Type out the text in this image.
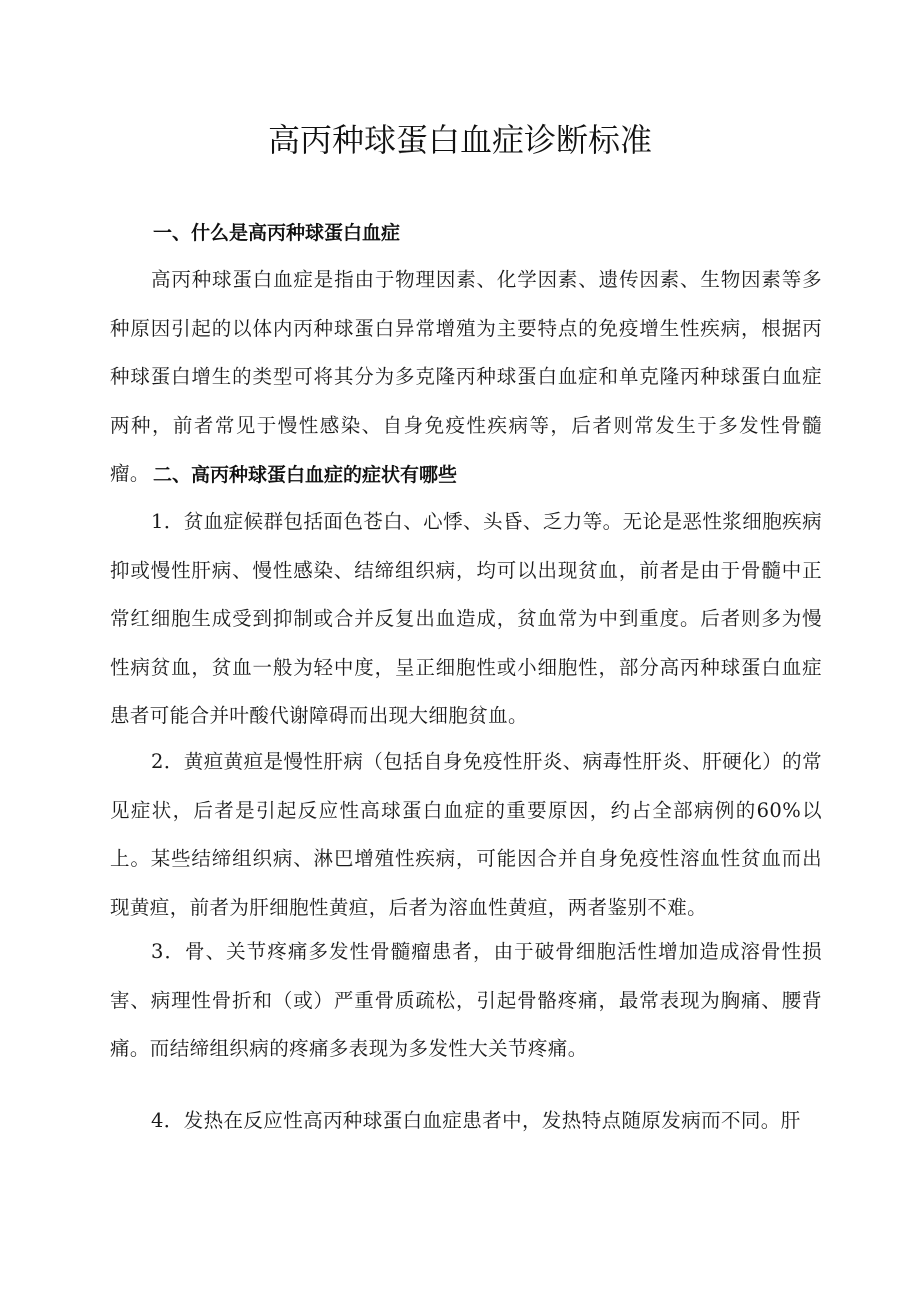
高丙种球蛋白血症诊断标准
一、什么是高丙种球蛋白血症

高丙种球蛋白血症是指由于物理因素、化学因素、遗传因素、生物因素等多种原因引起的以体内丙种球蛋白异常增殖为主要特点的免疫增生性疾病，根据丙种球蛋白增生的类型可将其分为多克隆丙种球蛋白血症和单克隆丙种球蛋白血症两种，前者常见于慢性感染、自身免疫性疾病等，后者则常发生于多发性骨髓瘤。 二、高丙种球蛋白血症的症状有哪些

1．贫血症候群包括面色苍白、心悸、头昏、乏力等。无论是恶性浆细胞疾病抑或慢性肝病、慢性感染、结缔组织病，均可以出现贫血，前者是由于骨髓中正常红细胞生成受到抑制或合并反复出血造成，贫血常为中到重度。后者则多为慢性病贫血，贫血一般为轻中度，呈正细胞性或小细胞性，部分高丙种球蛋白血症患者可能合并叶酸代谢障碍而出现大细胞贫血。

2．黄疸黄疸是慢性肝病（包括自身免疫性肝炎、病毒性肝炎、肝硬化）的常见症状，后者是引起反应性高球蛋白血症的重要原因，约占全部病例的60%以上。某些结缔组织病、淋巴增殖性疾病，可能因合并自身免疫性溶血性贫血而出现黄疸，前者为肝细胞性黄疸，后者为溶血性黄疸，两者鉴别不难。

3．骨、关节疼痛多发性骨髓瘤患者，由于破骨细胞活性增加造成溶骨性损害、病理性骨折和（或）严重骨质疏松，引起骨骼疼痛，最常表现为胸痛、腰背痛。而结缔组织病的疼痛多表现为多发性大关节疼痛。

4．发热在反应性高丙种球蛋白血症患者中，发热特点随原发病而不同。肝
